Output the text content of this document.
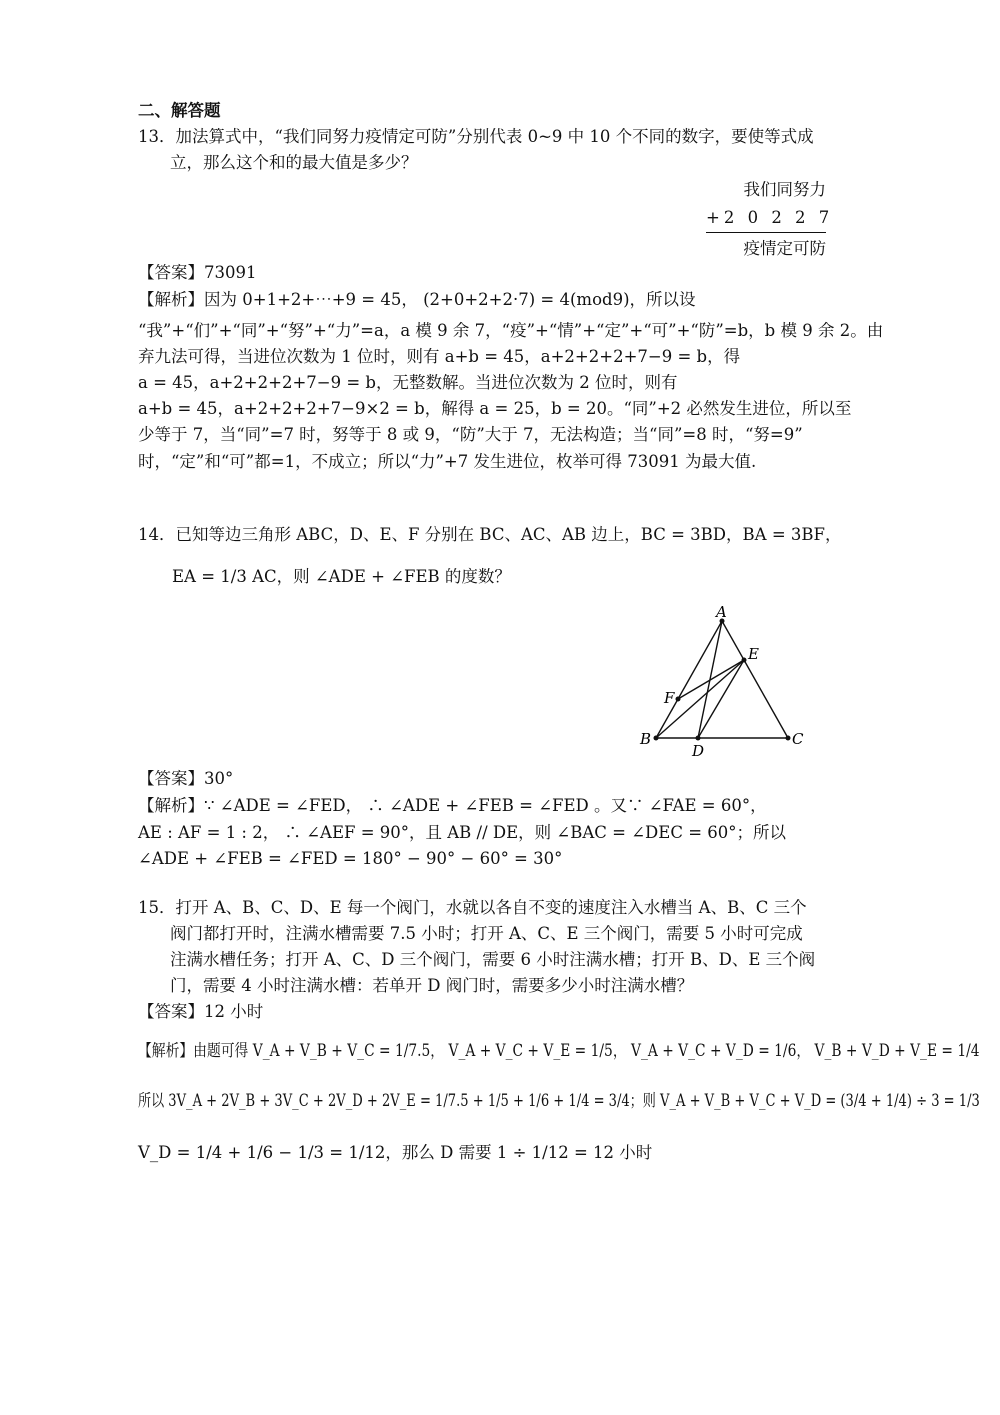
二、解答题
13．加法算式中，“我们同努力疫情定可防”分别代表 0~9 中 10 个不同的数字，要使等式成
立，那么这个和的最大值是多少？
我们同努力
+ 2 0 2 2 7
疫情定可防
【答案】73091
【解析】因为 0+1+2+⋯+9 = 45， (2+0+2+2·7) = 4(mod9)，所以设
“我”+“们”+“同”+“努”+“力”=a，a 模 9 余 7，“疫”+“情”+“定”+“可”+“防”=b，b 模 9 余 2。由
弃九法可得，当进位次数为 1 位时，则有 a+b = 45，a+2+2+2+7−9 = b，得
a = 45，a+2+2+2+7−9 = b，无整数解。当进位次数为 2 位时，则有
a+b = 45，a+2+2+2+7−9×2 = b，解得 a = 25，b = 20。“同”+2 必然发生进位，所以至
少等于 7，当“同”=7 时，努等于 8 或 9，“防”大于 7，无法构造；当“同”=8 时，“努=9”
时，“定”和“可”都=1，不成立；所以“力”+7 发生进位，枚举可得 73091 为最大值.
14．已知等边三角形 ABC，D、E、F 分别在 BC、AC、AB 边上，BC = 3BD，BA = 3BF，
EA = 1/3 AC，则 ∠ADE + ∠FEB 的度数？
A
B	C
D
E
F
【答案】30°
【解析】∵ ∠ADE = ∠FED， ∴ ∠ADE + ∠FEB = ∠FED 。又∵ ∠FAE = 60°，
AE : AF = 1 : 2， ∴ ∠AEF = 90°，且 AB // DE，则 ∠BAC = ∠DEC = 60°；所以
∠ADE + ∠FEB = ∠FED = 180° − 90° − 60° = 30°
15．打开 A、B、C、D、E 每一个阀门，水就以各自不变的速度注入水槽当 A、B、C 三个
阀门都打开时，注满水槽需要 7.5 小时；打开 A、C、E 三个阀门，需要 5 小时可完成
注满水槽任务；打开 A、C、D 三个阀门，需要 6 小时注满水槽；打开 B、D、E 三个阀
门，需要 4 小时注满水槽：若单开 D 阀门时，需要多少小时注满水槽？
【答案】12 小时
【解析】由题可得 V_A + V_B + V_C = 1/7.5， V_A + V_C + V_E = 1/5， V_A + V_C + V_D = 1/6， V_B + V_D + V_E = 1/4
所以 3V_A + 2V_B + 3V_C + 2V_D + 2V_E = 1/7.5 + 1/5 + 1/6 + 1/4 = 3/4；则 V_A + V_B + V_C + V_D = (3/4 + 1/4) ÷ 3 = 1/3
V_D = 1/4 + 1/6 − 1/3 = 1/12，那么 D 需要 1 ÷ 1/12 = 12 小时
